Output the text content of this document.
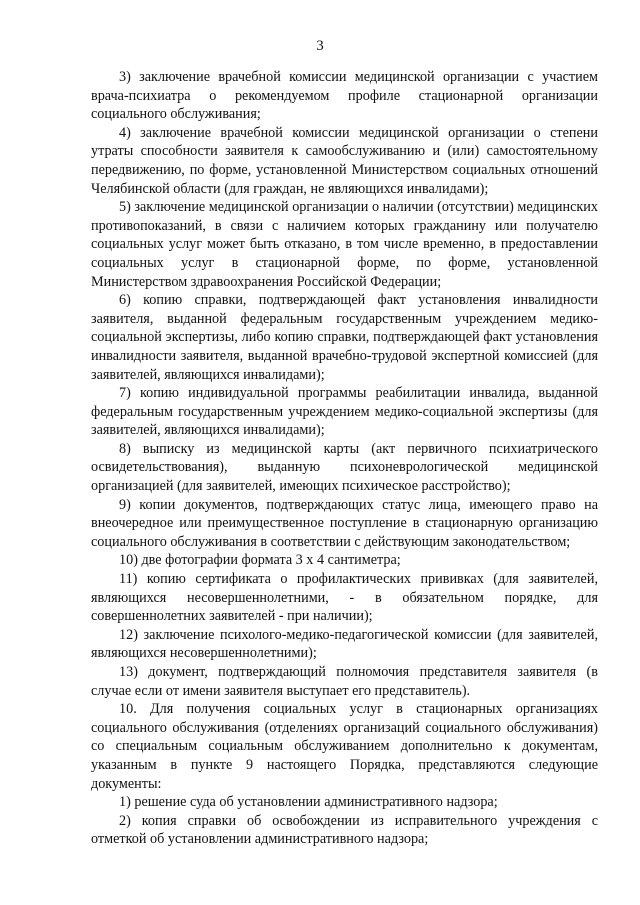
3

3) заключение врачебной комиссии медицинской организации с участием врача-психиатра о рекомендуемом профиле стационарной организации социального обслуживания;

4) заключение врачебной комиссии медицинской организации о степени утраты способности заявителя к самообслуживанию и (или) самостоятельному передвижению, по форме, установленной Министерством социальных отношений Челябинской области (для граждан, не являющихся инвалидами);

5) заключение медицинской организации о наличии (отсутствии) медицинских противопоказаний, в связи с наличием которых гражданину или получателю социальных услуг может быть отказано, в том числе временно, в предоставлении социальных услуг в стационарной форме, по форме, установленной Министерством здравоохранения Российской Федерации;

6) копию справки, подтверждающей факт установления инвалидности заявителя, выданной федеральным государственным учреждением медико-социальной экспертизы, либо копию справки, подтверждающей факт установления инвалидности заявителя, выданной врачебно-трудовой экспертной комиссией (для заявителей, являющихся инвалидами);

7) копию индивидуальной программы реабилитации инвалида, выданной федеральным государственным учреждением медико-социальной экспертизы (для заявителей, являющихся инвалидами);

8) выписку из медицинской карты (акт первичного психиатрического освидетельствования), выданную психоневрологической медицинской организацией (для заявителей, имеющих психическое расстройство);

9) копии документов, подтверждающих статус лица, имеющего право на внеочередное или преимущественное поступление в стационарную организацию социального обслуживания в соответствии с действующим законодательством;

10) две фотографии формата 3 х 4 сантиметра;

11) копию сертификата о профилактических прививках (для заявителей, являющихся несовершеннолетними, - в обязательном порядке, для совершеннолетних заявителей - при наличии);

12) заключение психолого-медико-педагогической комиссии (для заявителей, являющихся несовершеннолетними);

13) документ, подтверждающий полномочия представителя заявителя (в случае если от имени заявителя выступает его представитель).

10. Для получения социальных услуг в стационарных организациях социального обслуживания (отделениях организаций социального обслуживания) со специальным социальным обслуживанием дополнительно к документам, указанным в пункте 9 настоящего Порядка, представляются следующие документы:

1) решение суда об установлении административного надзора;

2) копия справки об освобождении из исправительного учреждения с отметкой об установлении административного надзора;
